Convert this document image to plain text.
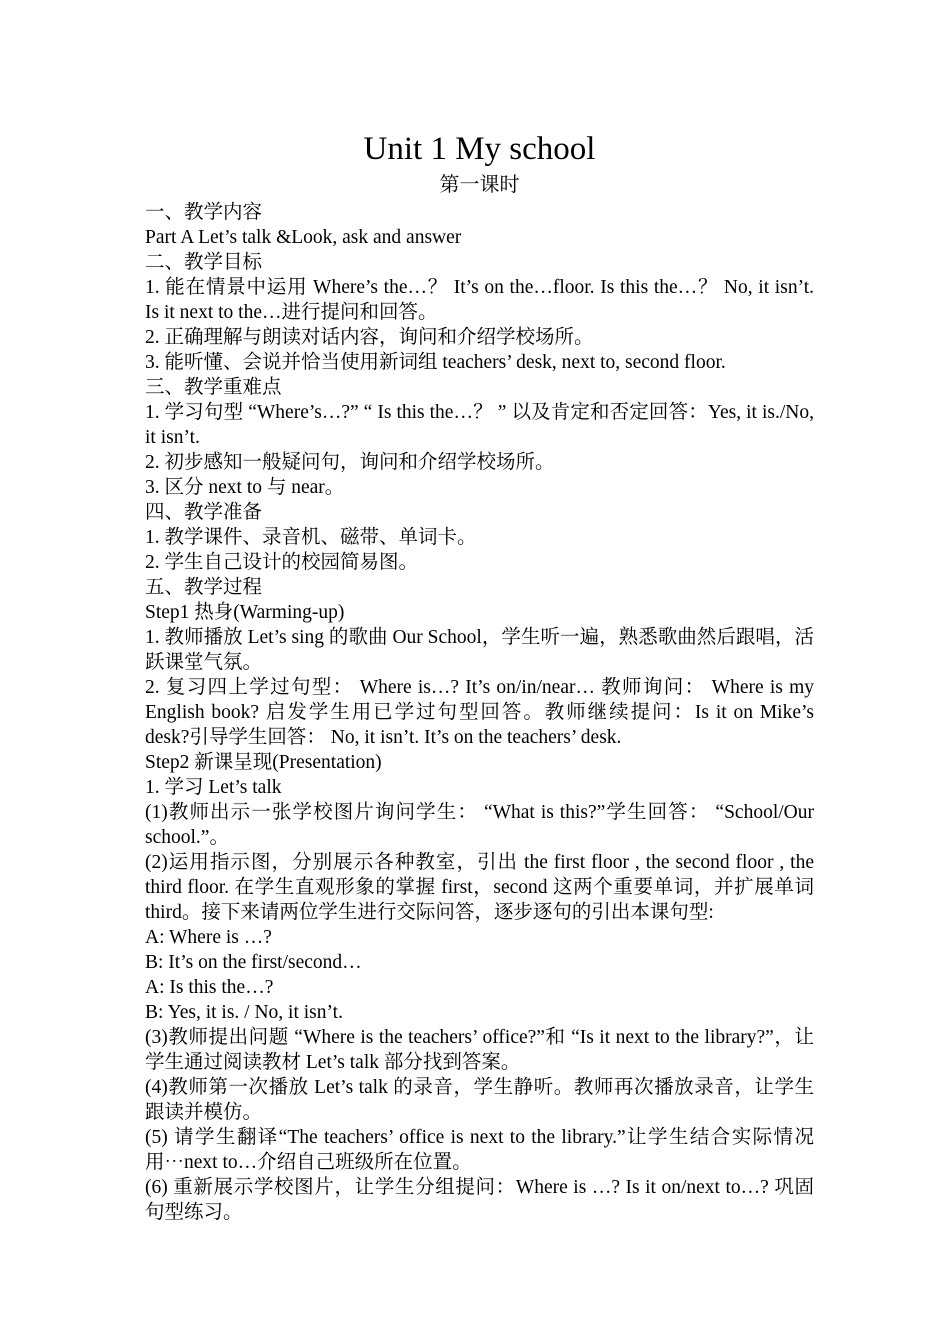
Unit 1 My school
第一课时

一、教学内容

Part A Let’s talk &Look, ask and answer

二、教学目标

1. 能在情景中运用 Where’s the…？ It’s on the…floor. Is this the…？ No, it isn’t. Is it next to the…进行提问和回答。

2. 正确理解与朗读对话内容，询问和介绍学校场所。

3. 能听懂、会说并恰当使用新词组 teachers’ desk, next to, second floor.

三、教学重难点

1. 学习句型 “Where’s…?” “ Is this the…？ ” 以及肯定和否定回答：Yes, it is./No, it isn’t.

2. 初步感知一般疑问句，询问和介绍学校场所。

3. 区分 next to 与 near。

四、教学准备

1. 教学课件、录音机、磁带、单词卡。

2. 学生自己设计的校园简易图。

五、教学过程

Step1 热身(Warming-up)

1. 教师播放 Let’s sing 的歌曲 Our School，学生听一遍，熟悉歌曲然后跟唱，活跃课堂气氛。

2. 复习四上学过句型： Where is…? It’s on/in/near… 教师询问： Where is my English book? 启发学生用已学过句型回答。教师继续提问：Is it on Mike’s desk?引导学生回答： No, it isn’t. It’s on the teachers’ desk.

Step2 新课呈现(Presentation)

1. 学习 Let’s talk

(1)教师出示一张学校图片询问学生： “What is this?”学生回答： “School/Our school.”。

(2)运用指示图，分别展示各种教室，引出 the first floor , the second floor , the third floor. 在学生直观形象的掌握 first，second 这两个重要单词，并扩展单词 third。接下来请两位学生进行交际问答，逐步逐句的引出本课句型:

A: Where is …?

B: It’s on the first/second…

A: Is this the…?

B: Yes, it is. / No, it isn’t.

(3)教师提出问题 “Where is the teachers’ office?”和 “Is it next to the library?”，让学生通过阅读教材 Let’s talk 部分找到答案。

(4)教师第一次播放 Let’s talk 的录音，学生静听。教师再次播放录音，让学生跟读并模仿。

(5) 请学生翻译“The teachers’ office is next to the library.”让学生结合实际情况用⋯next to…介绍自己班级所在位置。

(6) 重新展示学校图片，让学生分组提问：Where is …? Is it on/next to…? 巩固句型练习。
